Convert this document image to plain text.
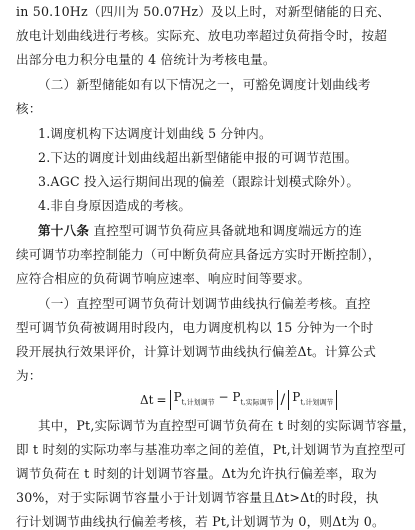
in 50.10Hz（四川为 50.07Hz）及以上时，对新型储能的日充、
放电计划曲线进行考核。实际充、放电功率超过负荷指令时，按超
出部分电力积分电量的 4 倍统计为考核电量。
（二）新型储能如有以下情况之一，可豁免调度计划曲线考
核：
1.调度机构下达调度计划曲线 5 分钟内。
2.下达的调度计划曲线超出新型储能申报的可调节范围。
3.AGC 投入运行期间出现的偏差（跟踪计划模式除外）。
4.非自身原因造成的考核。
第十八条 直控型可调节负荷应具备就地和调度端远方的连
续可调节功率控制能力（可中断负荷应具备远方实时开断控制），
应符合相应的负荷调节响应速率、响应时间等要求。
（一）直控型可调节负荷计划调节曲线执行偏差考核。直控
型可调节负荷被调用时段内，电力调度机构以 15 分钟为一个时
段开展执行效果评价，计算计划调节曲线执行偏差Δt。计算公式
为：
$\Delta t = P_{t,计划调节} - P_{t,实际调节} / P_{t,计划调节}$
其中，Pt,实际调节为直控型可调节负荷在 t 时刻的实际调节容量，
即 t 时刻的实际功率与基准功率之间的差值，Pt,计划调节为直控型可
调节负荷在 t 时刻的计划调节容量。Δt为允许执行偏差率，取为
30%，对于实际调节容量小于计划调节容量且Δt>Δt的时段，执
行计划调节曲线执行偏差考核，若 Pt,计划调节为 0，则Δt为 0。
